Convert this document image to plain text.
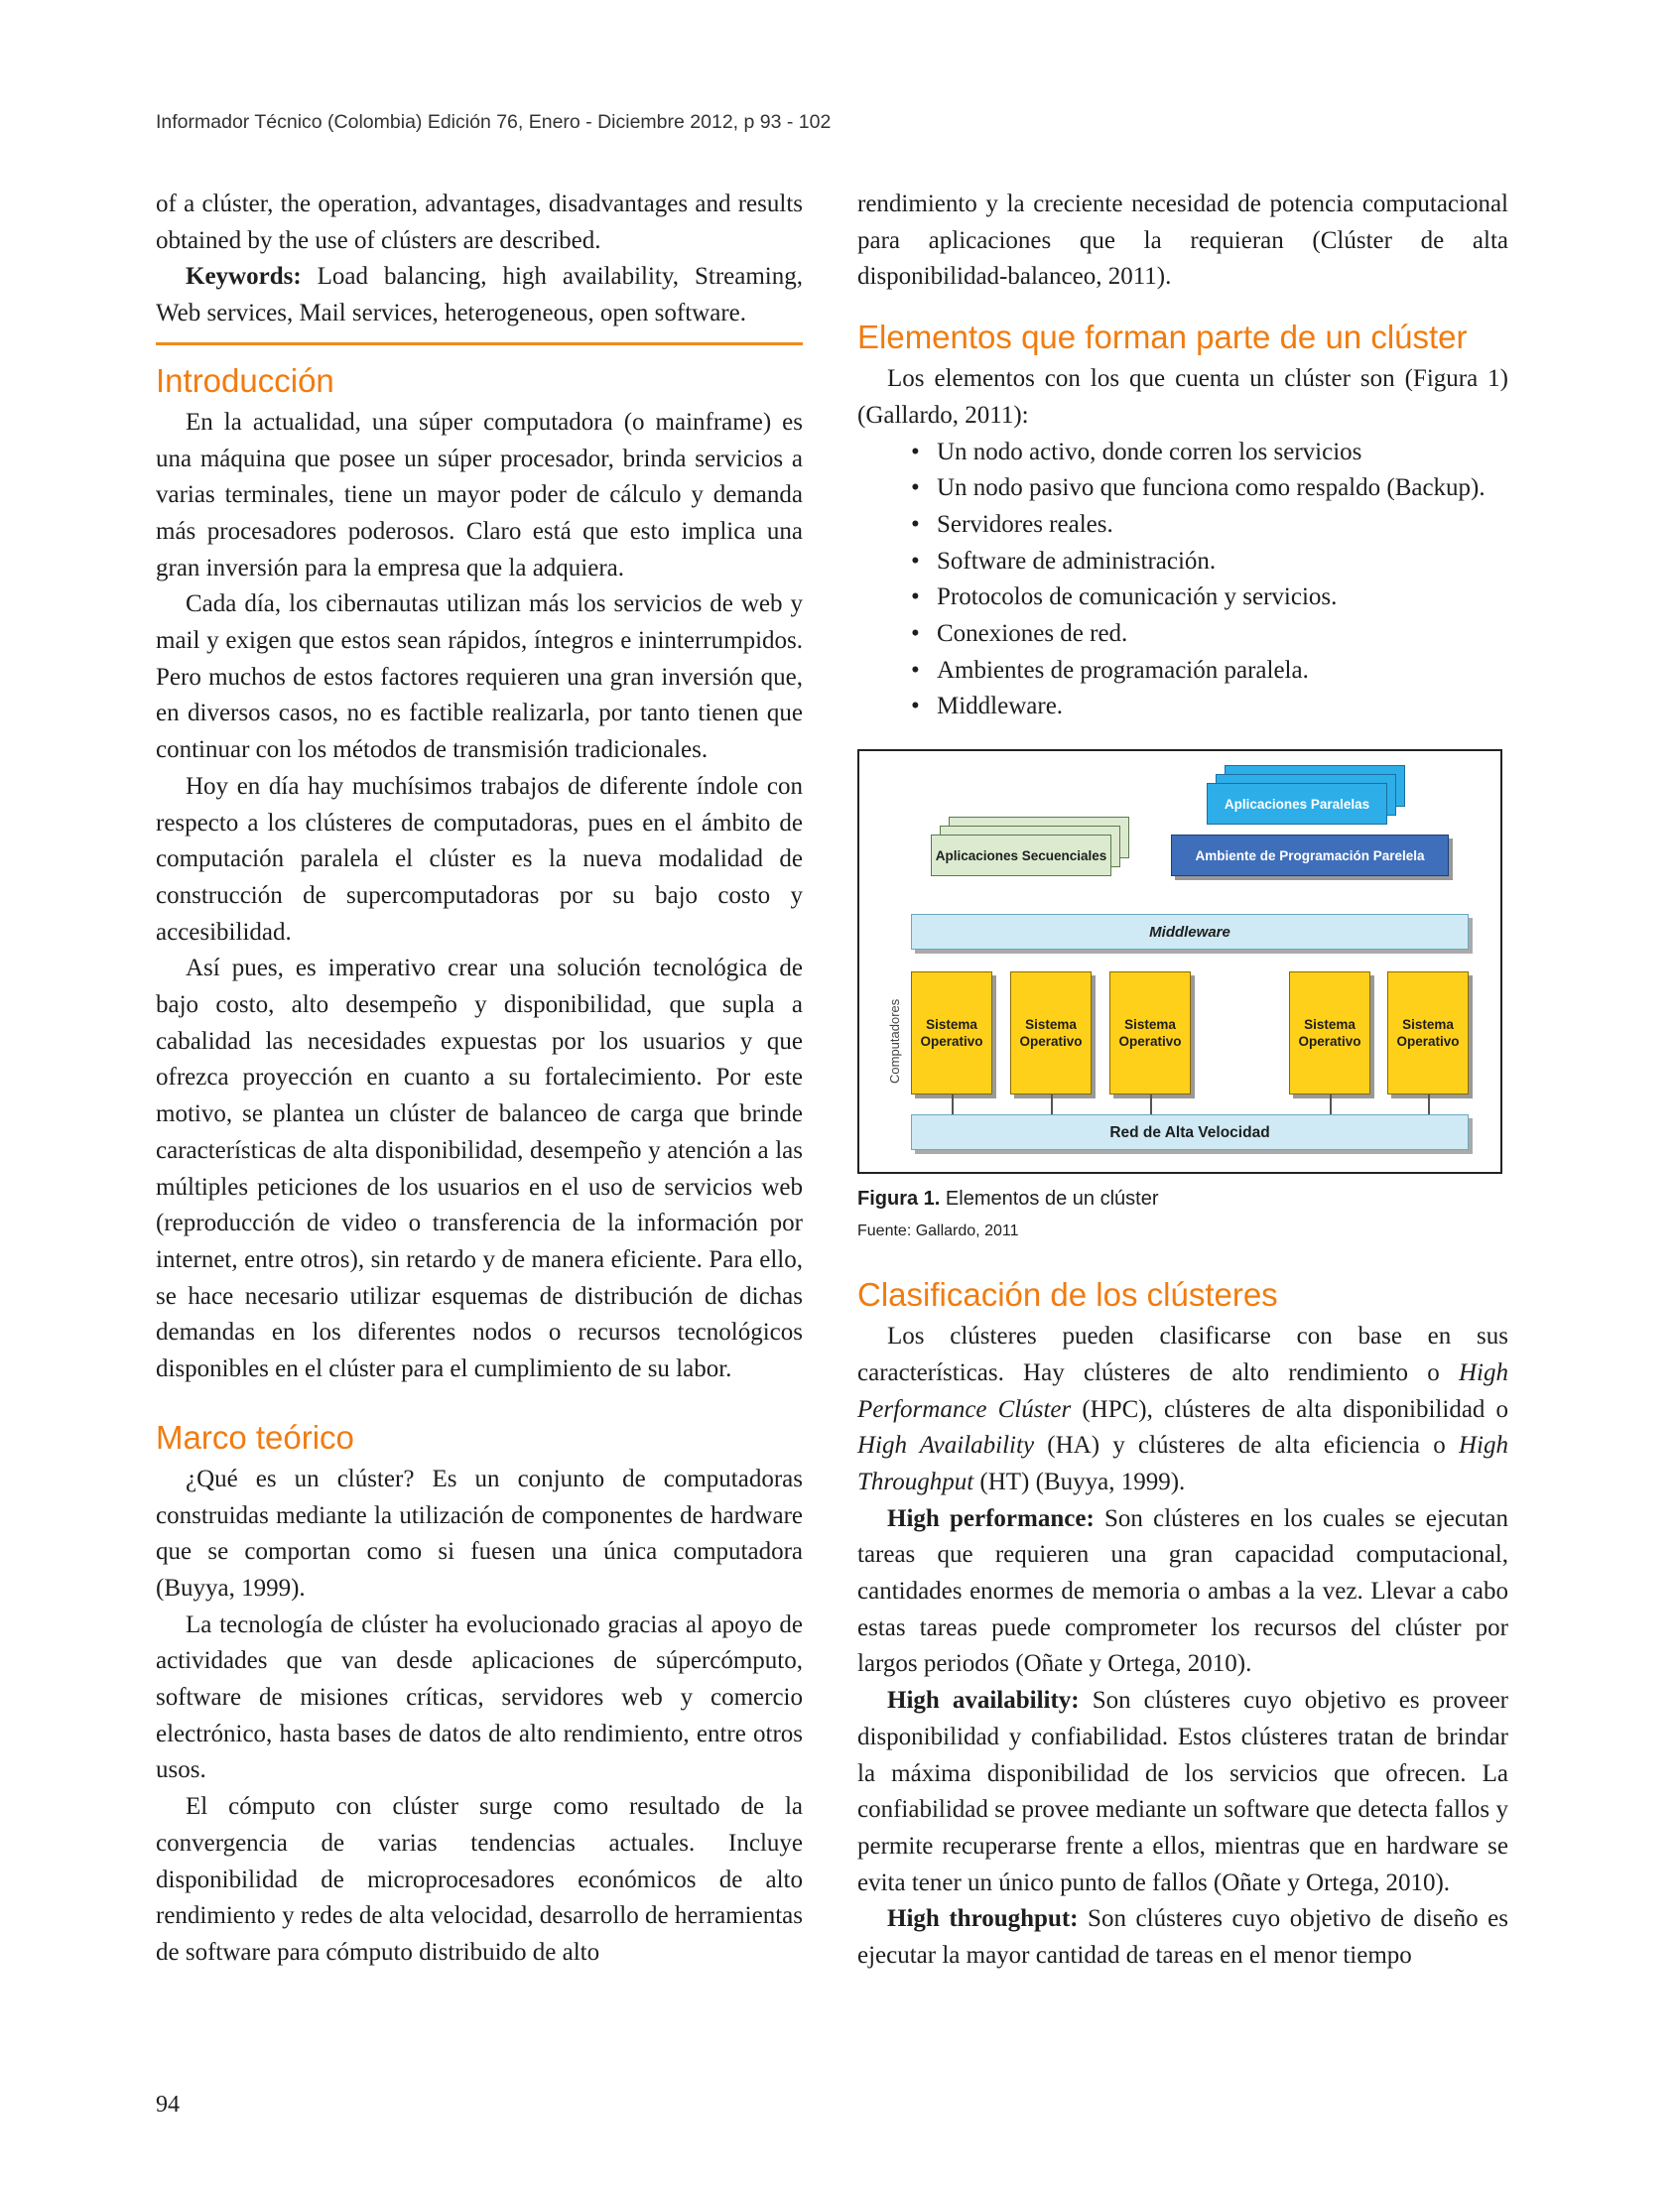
Informador Técnico (Colombia) Edición 76, Enero - Diciembre 2012, p 93 - 102

of a clúster, the operation, advantages, disadvantages and results obtained by the use of clústers are described.

Keywords: Load balancing, high availability, Streaming, Web services, Mail services, heterogeneous, open software.

Introducción

En la actualidad, una súper computadora (o mainframe) es una máquina que posee un súper procesador, brinda servicios a varias terminales, tiene un mayor poder de cálculo y demanda más procesadores poderosos. Claro está que esto implica una gran inversión para la empresa que la adquiera.

Cada día, los cibernautas utilizan más los servicios de web y mail y exigen que estos sean rápidos, íntegros e ininterrumpidos. Pero muchos de estos factores requieren una gran inversión que, en diversos casos, no es factible realizarla, por tanto tienen que continuar con los métodos de transmisión tradicionales.

Hoy en día hay muchísimos trabajos de diferente índole con respecto a los clústeres de computadoras, pues en el ámbito de computación paralela el clúster es la nueva modalidad de construcción de supercomputadoras por su bajo costo y accesibilidad.

Así pues, es imperativo crear una solución tecnológica de bajo costo, alto desempeño y disponibilidad, que supla a cabalidad las necesidades expuestas por los usuarios y que ofrezca proyección en cuanto a su fortalecimiento. Por este motivo, se plantea un clúster de balanceo de carga que brinde características de alta disponibilidad, desempeño y atención a las múltiples peticiones de los usuarios en el uso de servicios web (reproducción de video o transferencia de la información por internet, entre otros), sin retardo y de manera eficiente. Para ello, se hace necesario utilizar esquemas de distribución de dichas demandas en los diferentes nodos o recursos tecnológicos disponibles en el clúster para el cumplimiento de su labor.

Marco teórico

¿Qué es un clúster? Es un conjunto de computadoras construidas mediante la utilización de componentes de hardware que se comportan como si fuesen una única computadora (Buyya, 1999).

La tecnología de clúster ha evolucionado gracias al apoyo de actividades que van desde aplicaciones de súpercómputo, software de misiones críticas, servidores web y comercio electrónico, hasta bases de datos de alto rendimiento, entre otros usos.

El cómputo con clúster surge como resultado de la convergencia de varias tendencias actuales. Incluye disponibilidad de microprocesadores económicos de alto rendimiento y redes de alta velocidad, desarrollo de herramientas de software para cómputo distribuido de alto

rendimiento y la creciente necesidad de potencia computacional para aplicaciones que la requieran (Clúster de alta disponibilidad-balanceo, 2011).

Elementos que forman parte de un clúster

Los elementos con los que cuenta un clúster son (Figura 1) (Gallardo, 2011):

• Un nodo activo, donde corren los servicios
• Un nodo pasivo que funciona como respaldo (Backup).
• Servidores reales.
• Software de administración.
• Protocolos de comunicación y servicios.
• Conexiones de red.
• Ambientes de programación paralela.
• Middleware.
Aplicaciones Paralelas
Aplicaciones Secuenciales	Ambiente de Programación Parelela
Middleware
Computadores	Sistema Operativo
Sistema Operativo
Sistema Operativo
Sistema Operativo
Sistema Operativo
Red de Alta Velocidad
Figura 1. Elementos de un clúster
Fuente: Gallardo, 2011
Clasificación de los clústeres

Los clústeres pueden clasificarse con base en sus características. Hay clústeres de alto rendimiento o High Performance Clúster (HPC), clústeres de alta disponibilidad o High Availability (HA) y clústeres de alta eficiencia o High Throughput (HT) (Buyya, 1999).

High performance: Son clústeres en los cuales se ejecutan tareas que requieren una gran capacidad computacional, cantidades enormes de memoria o ambas a la vez. Llevar a cabo estas tareas puede comprometer los recursos del clúster por largos periodos (Oñate y Ortega, 2010).

High availability: Son clústeres cuyo objetivo es proveer disponibilidad y confiabilidad. Estos clústeres tratan de brindar la máxima disponibilidad de los servicios que ofrecen. La confiabilidad se provee mediante un software que detecta fallos y permite recuperarse frente a ellos, mientras que en hardware se evita tener un único punto de fallos (Oñate y Ortega, 2010).

High throughput: Son clústeres cuyo objetivo de diseño es ejecutar la mayor cantidad de tareas en el menor tiempo

94
